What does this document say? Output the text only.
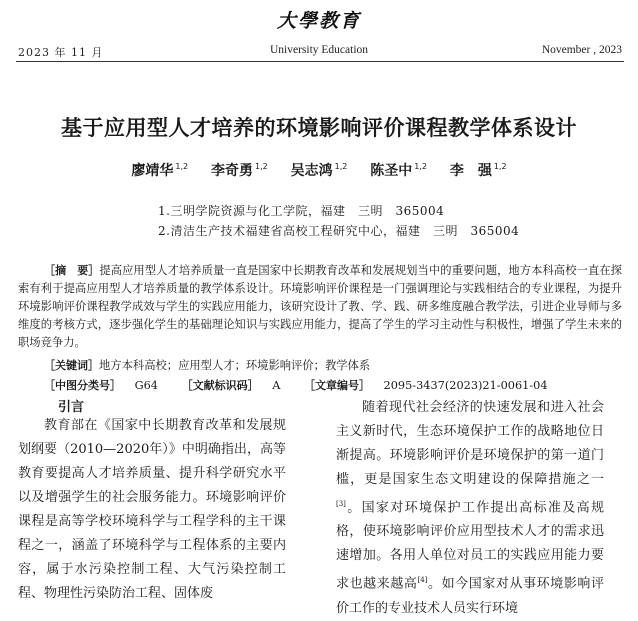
大學教育
2023 年 11 月	University Education	November , 2023
基于应用型人才培养的环境影响评价课程教学体系设计
廖靖华 $^{1,2}$ 李奇勇 $^{1,2}$ 吴志鸿 $^{1,2}$ 陈圣中 $^{1,2}$ 李　强 $^{1,2}$
1.三明学院资源与化工学院，福建　三明　365004
2.清洁生产技术福建省高校工程研究中心，福建　三明　365004
［摘　要］提高应用型人才培养质量一直是国家中长期教育改革和发展规划当中的重要问题，地方本科高校一直在探索有利于提高应用型人才培养质量的教学体系设计。环境影响评价课程是一门强调理论与实践相结合的专业课程，为提升环境影响评价课程教学成效与学生的实践应用能力，该研究设计了教、学、践、研多维度融合教学法，引进企业导师与多维度的考核方式，逐步强化学生的基础理论知识与实践应用能力，提高了学生的学习主动性与积极性，增强了学生未来的职场竞争力。
［关键词］地方本科高校；应用型人才；环境影响评价；教学体系
［中图分类号］ G64 ［文献标识码］ A ［文章编号］ 2095-3437(2023)21-0061-04
引言
教育部在《国家中长期教育改革和发展规划纲要（2010—2020年）》中明确指出，高等教育要提高人才培养质量、提升科学研究水平以及增强学生的社会服务能力。环境影响评价课程是高等学校环境科学与工程学科的主干课程之一，涵盖了环境科学与工程体系的主要内容，属于水污染控制工程、大气污染控制工程、物理性污染防治工程、固体废
随着现代社会经济的快速发展和进入社会主义新时代，生态环境保护工作的战略地位日渐提高。环境影响评价是环境保护的第一道门槛，更是国家生态文明建设的保障措施之一[3]。国家对环境保护工作提出高标准及高规格，使环境影响评价应用型技术人才的需求迅速增加。各用人单位对员工的实践应用能力要求也越来越高[4]。如今国家对从事环境影响评价工作的专业技术人员实行环境
